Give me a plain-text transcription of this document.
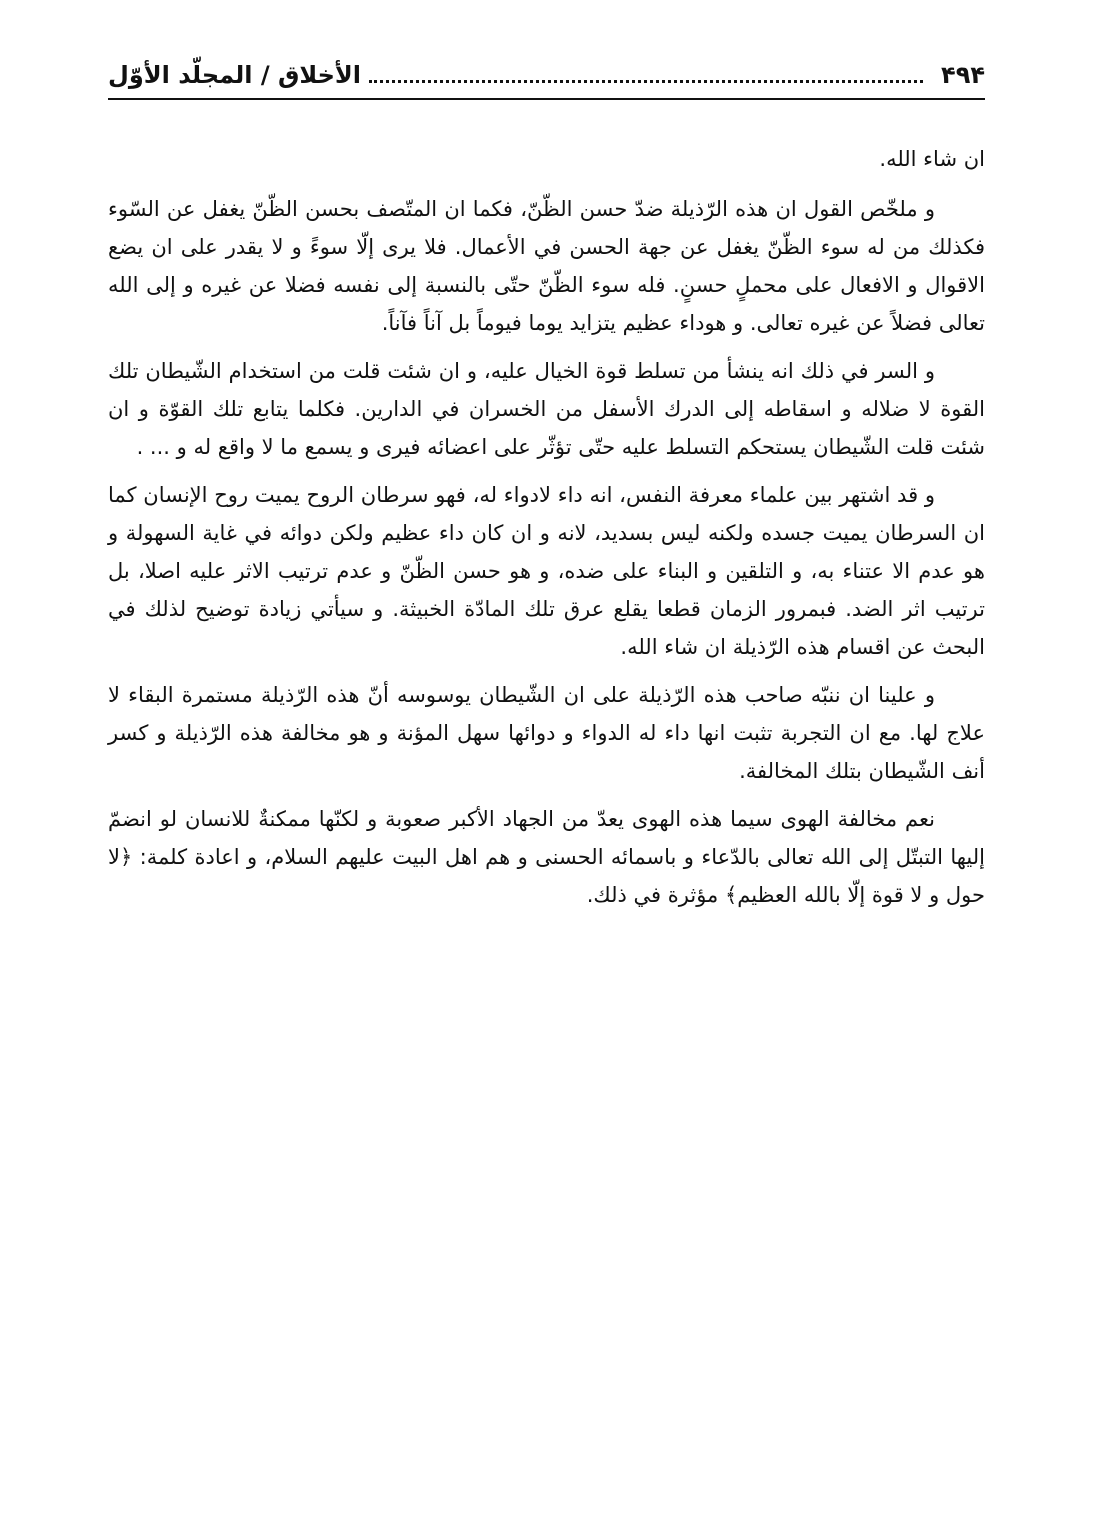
۴۹۴
الأخلاق / المجلّد الأوّل

ان شاء الله.

و ملخّص القول ان هذه الرّذيلة ضدّ حسن الظّنّ، فكما ان المتّصف بحسن الظّنّ يغفل عن السّوء فكذلك من له سوء الظّنّ يغفل عن جهة الحسن في الأعمال. فلا يرى إلّا سوءً و لا يقدر على ان يضع الاقوال و الافعال على محملٍ حسنٍ. فله سوء الظّنّ حتّى بالنسبة إلى نفسه فضلا عن غيره و إلى الله تعالى فضلاً عن غيره تعالى. و هوداء عظيم يتزايد يوما فيوماً بل آناً فآناً.

و السر في ذلك انه ينشأ من تسلط قوة الخيال عليه، و ان شئت قلت من استخدام الشّيطان تلك القوة لا ضلاله و اسقاطه إلى الدرك الأسفل من الخسران في الدارين. فكلما يتابع تلك القوّة و ان شئت قلت الشّيطان يستحكم التسلط عليه حتّى تؤثّر على اعضائه فيرى و يسمع ما لا واقع له و ... .

و قد اشتهر بين علماء معرفة النفس، انه داء لادواء له، فهو سرطان الروح يميت روح الإنسان كما ان السرطان يميت جسده ولكنه ليس بسديد، لانه و ان كان داء عظيم ولكن دوائه في غاية السهولة و هو عدم الا عتناء به، و التلقين و البناء على ضده، و هو حسن الظّنّ و عدم ترتيب الاثر عليه اصلا، بل ترتيب اثر الضد. فبمرور الزمان قطعا يقلع عرق تلك المادّة الخبيثة. و سيأتي زيادة توضيح لذلك في البحث عن اقسام هذه الرّذيلة ان شاء الله.

و علينا ان ننبّه صاحب هذه الرّذيلة على ان الشّيطان يوسوسه أنّ هذه الرّذيلة مستمرة البقاء لا علاج لها. مع ان التجربة تثبت انها داء له الدواء و دوائها سهل المؤنة و هو مخالفة هذه الرّذيلة و كسر أنف الشّيطان بتلك المخالفة.

نعم مخالفة الهوى سيما هذه الهوى يعدّ من الجهاد الأكبر صعوبة و لكنّها ممكنةٌ للانسان لو انضمّ إليها التبتّل إلى الله تعالى بالدّعاء و باسمائه الحسنى و هم اهل البيت عليهم السلام، و اعادة كلمة: ﴿لا حول و لا قوة إلّا بالله العظيم﴾ مؤثرة في ذلك.
